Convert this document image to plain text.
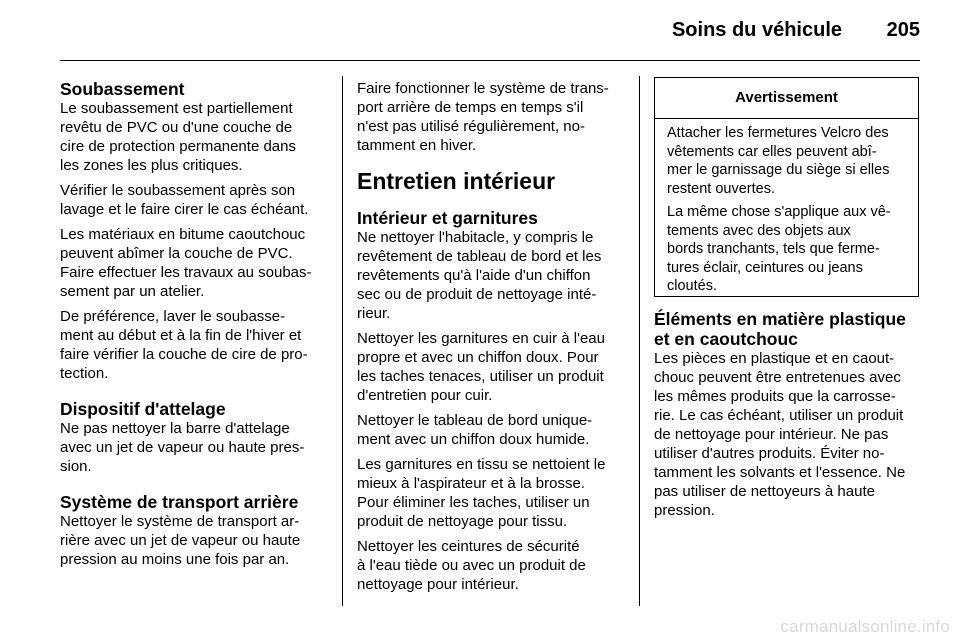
Soins du véhicule 205
Soubassement

Le soubassement est partiellement
revêtu de PVC ou d'une couche de
cire de protection permanente dans
les zones les plus critiques.

Vérifier le soubassement après son
lavage et le faire cirer le cas échéant.

Les matériaux en bitume caoutchouc
peuvent abîmer la couche de PVC.
Faire effectuer les travaux au soubas-
sement par un atelier.

De préférence, laver le soubasse-
ment au début et à la fin de l'hiver et
faire vérifier la couche de cire de pro-
tection.

Dispositif d'attelage

Ne pas nettoyer la barre d'attelage
avec un jet de vapeur ou haute pres-
sion.

Système de transport arrière

Nettoyer le système de transport ar-
rière avec un jet de vapeur ou haute
pression au moins une fois par an.

Faire fonctionner le système de trans-
port arrière de temps en temps s'il
n'est pas utilisé régulièrement, no-
tamment en hiver.

Entretien intérieur
Intérieur et garnitures

Ne nettoyer l'habitacle, y compris le
revêtement de tableau de bord et les
revêtements qu'à l'aide d'un chiffon
sec ou de produit de nettoyage inté-
rieur.

Nettoyer les garnitures en cuir à l'eau
propre et avec un chiffon doux. Pour
les taches tenaces, utiliser un produit
d'entretien pour cuir.

Nettoyer le tableau de bord unique-
ment avec un chiffon doux humide.

Les garnitures en tissu se nettoient le
mieux à l'aspirateur et à la brosse.
Pour éliminer les taches, utiliser un
produit de nettoyage pour tissu.

Nettoyer les ceintures de sécurité
à l'eau tiède ou avec un produit de
nettoyage pour intérieur.

Avertissement

Attacher les fermetures Velcro des
vêtements car elles peuvent abî-
mer le garnissage du siège si elles
restent ouvertes.

La même chose s'applique aux vê-
tements avec des objets aux
bords tranchants, tels que ferme-
tures éclair, ceintures ou jeans
cloutés.

Éléments en matière plastique
et en caoutchouc

Les pièces en plastique et en caout-
chouc peuvent être entretenues avec
les mêmes produits que la carrosse-
rie. Le cas échéant, utiliser un produit
de nettoyage pour intérieur. Ne pas
utiliser d'autres produits. Éviter no-
tamment les solvants et l'essence. Ne
pas utiliser de nettoyeurs à haute
pression.

carmanualsonline.info
